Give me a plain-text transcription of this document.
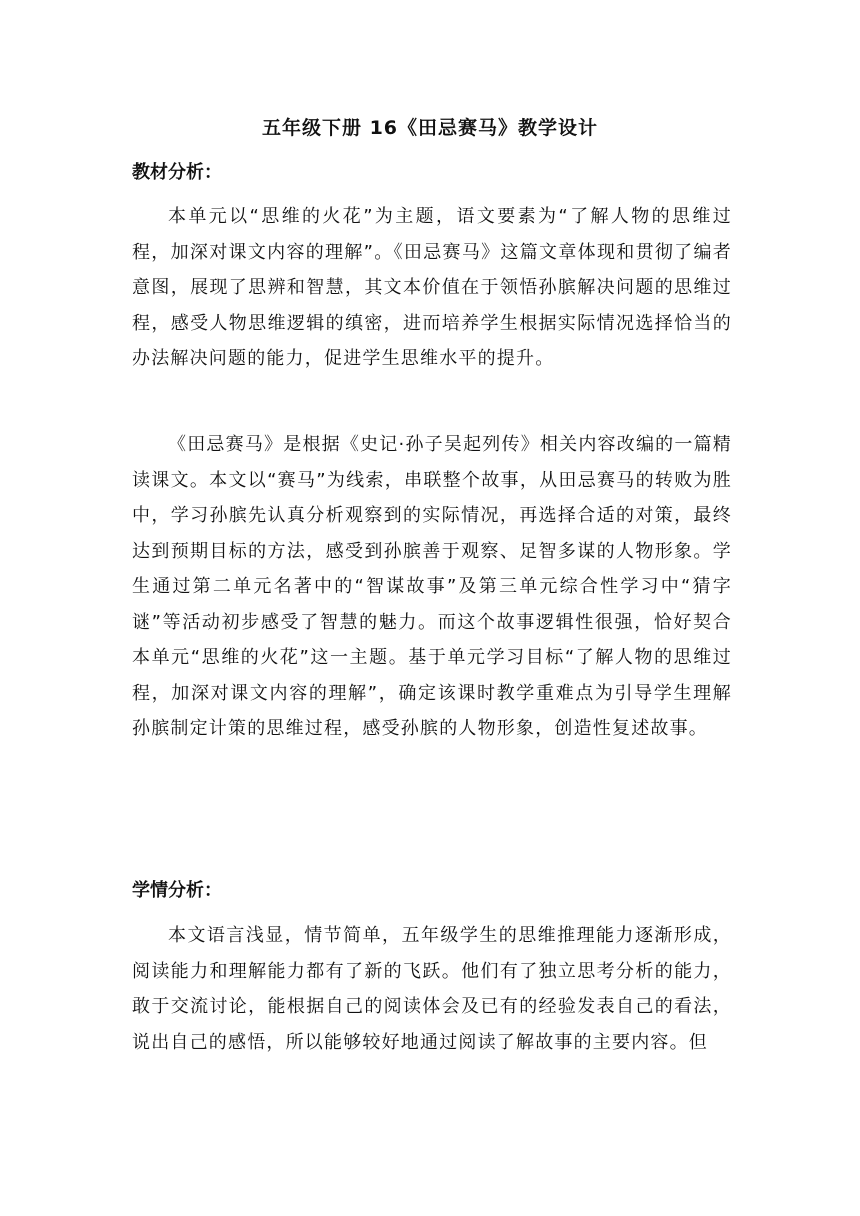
五年级下册 16《田忌赛马》教学设计
教材分析：

本单元以“思维的火花”为主题，语文要素为“了解人物的思维过程，加深对课文内容的理解”。《田忌赛马》这篇文章体现和贯彻了编者意图，展现了思辨和智慧，其文本价值在于领悟孙膑解决问题的思维过程，感受人物思维逻辑的缜密，进而培养学生根据实际情况选择恰当的办法解决问题的能力，促进学生思维水平的提升。

《田忌赛马》是根据《史记·孙子吴起列传》相关内容改编的一篇精读课文。本文以“赛马”为线索，串联整个故事，从田忌赛马的转败为胜中，学习孙膑先认真分析观察到的实际情况，再选择合适的对策，最终达到预期目标的方法，感受到孙膑善于观察、足智多谋的人物形象。学生通过第二单元名著中的“智谋故事”及第三单元综合性学习中“猜字谜”等活动初步感受了智慧的魅力。而这个故事逻辑性很强，恰好契合本单元“思维的火花”这一主题。基于单元学习目标“了解人物的思维过程，加深对课文内容的理解”，确定该课时教学重难点为引导学生理解孙膑制定计策的思维过程，感受孙膑的人物形象，创造性复述故事。

学情分析：

本文语言浅显，情节简单，五年级学生的思维推理能力逐渐形成，阅读能力和理解能力都有了新的飞跃。他们有了独立思考分析的能力，敢于交流讨论，能根据自己的阅读体会及已有的经验发表自己的看法，说出自己的感悟，所以能够较好地通过阅读了解故事的主要内容。但
